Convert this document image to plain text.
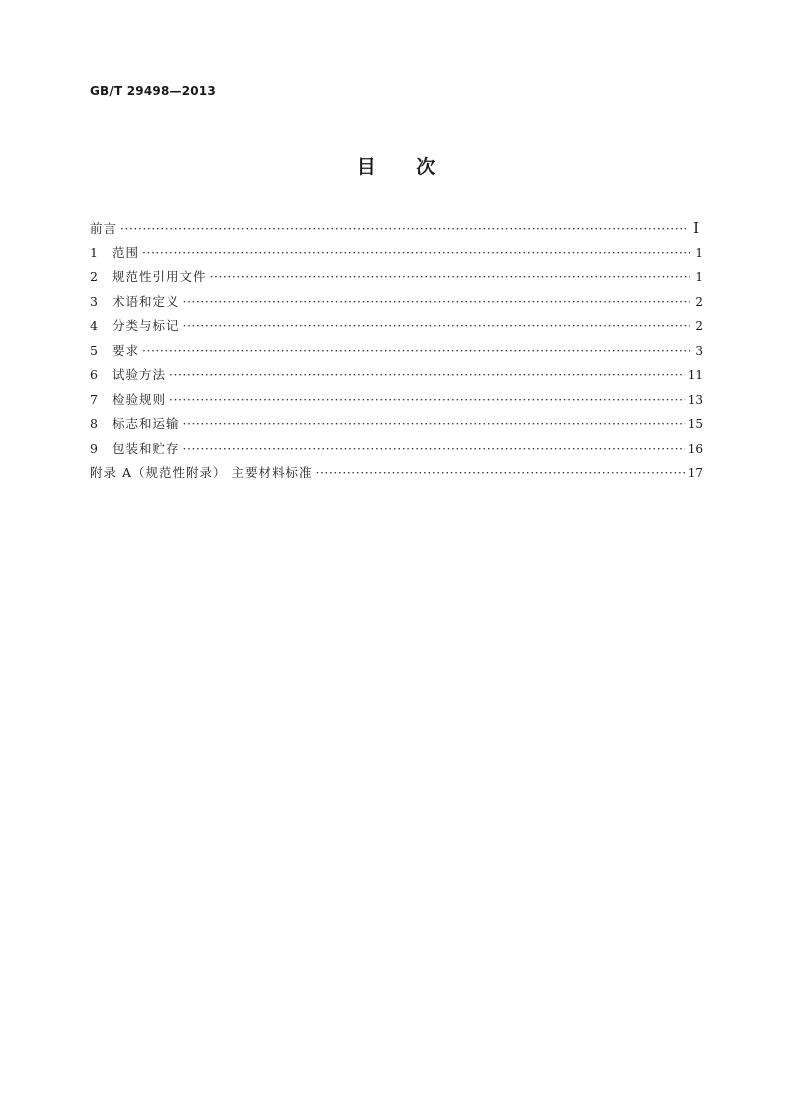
GB/T 29498—2013
目 次
前言 ·····	I
1	范围 ·····	1
2	规范性引用文件 ·····	1
3	术语和定义 ·····	2
4	分类与标记 ·····	2
5	要求 ·····	3
6	试验方法 ·····	11
7	检验规则 ·····	13
8	标志和运输 ·····	15
9	包装和贮存 ·····	16
附录 A（规范性附录） 主要材料标准 ·····	17
